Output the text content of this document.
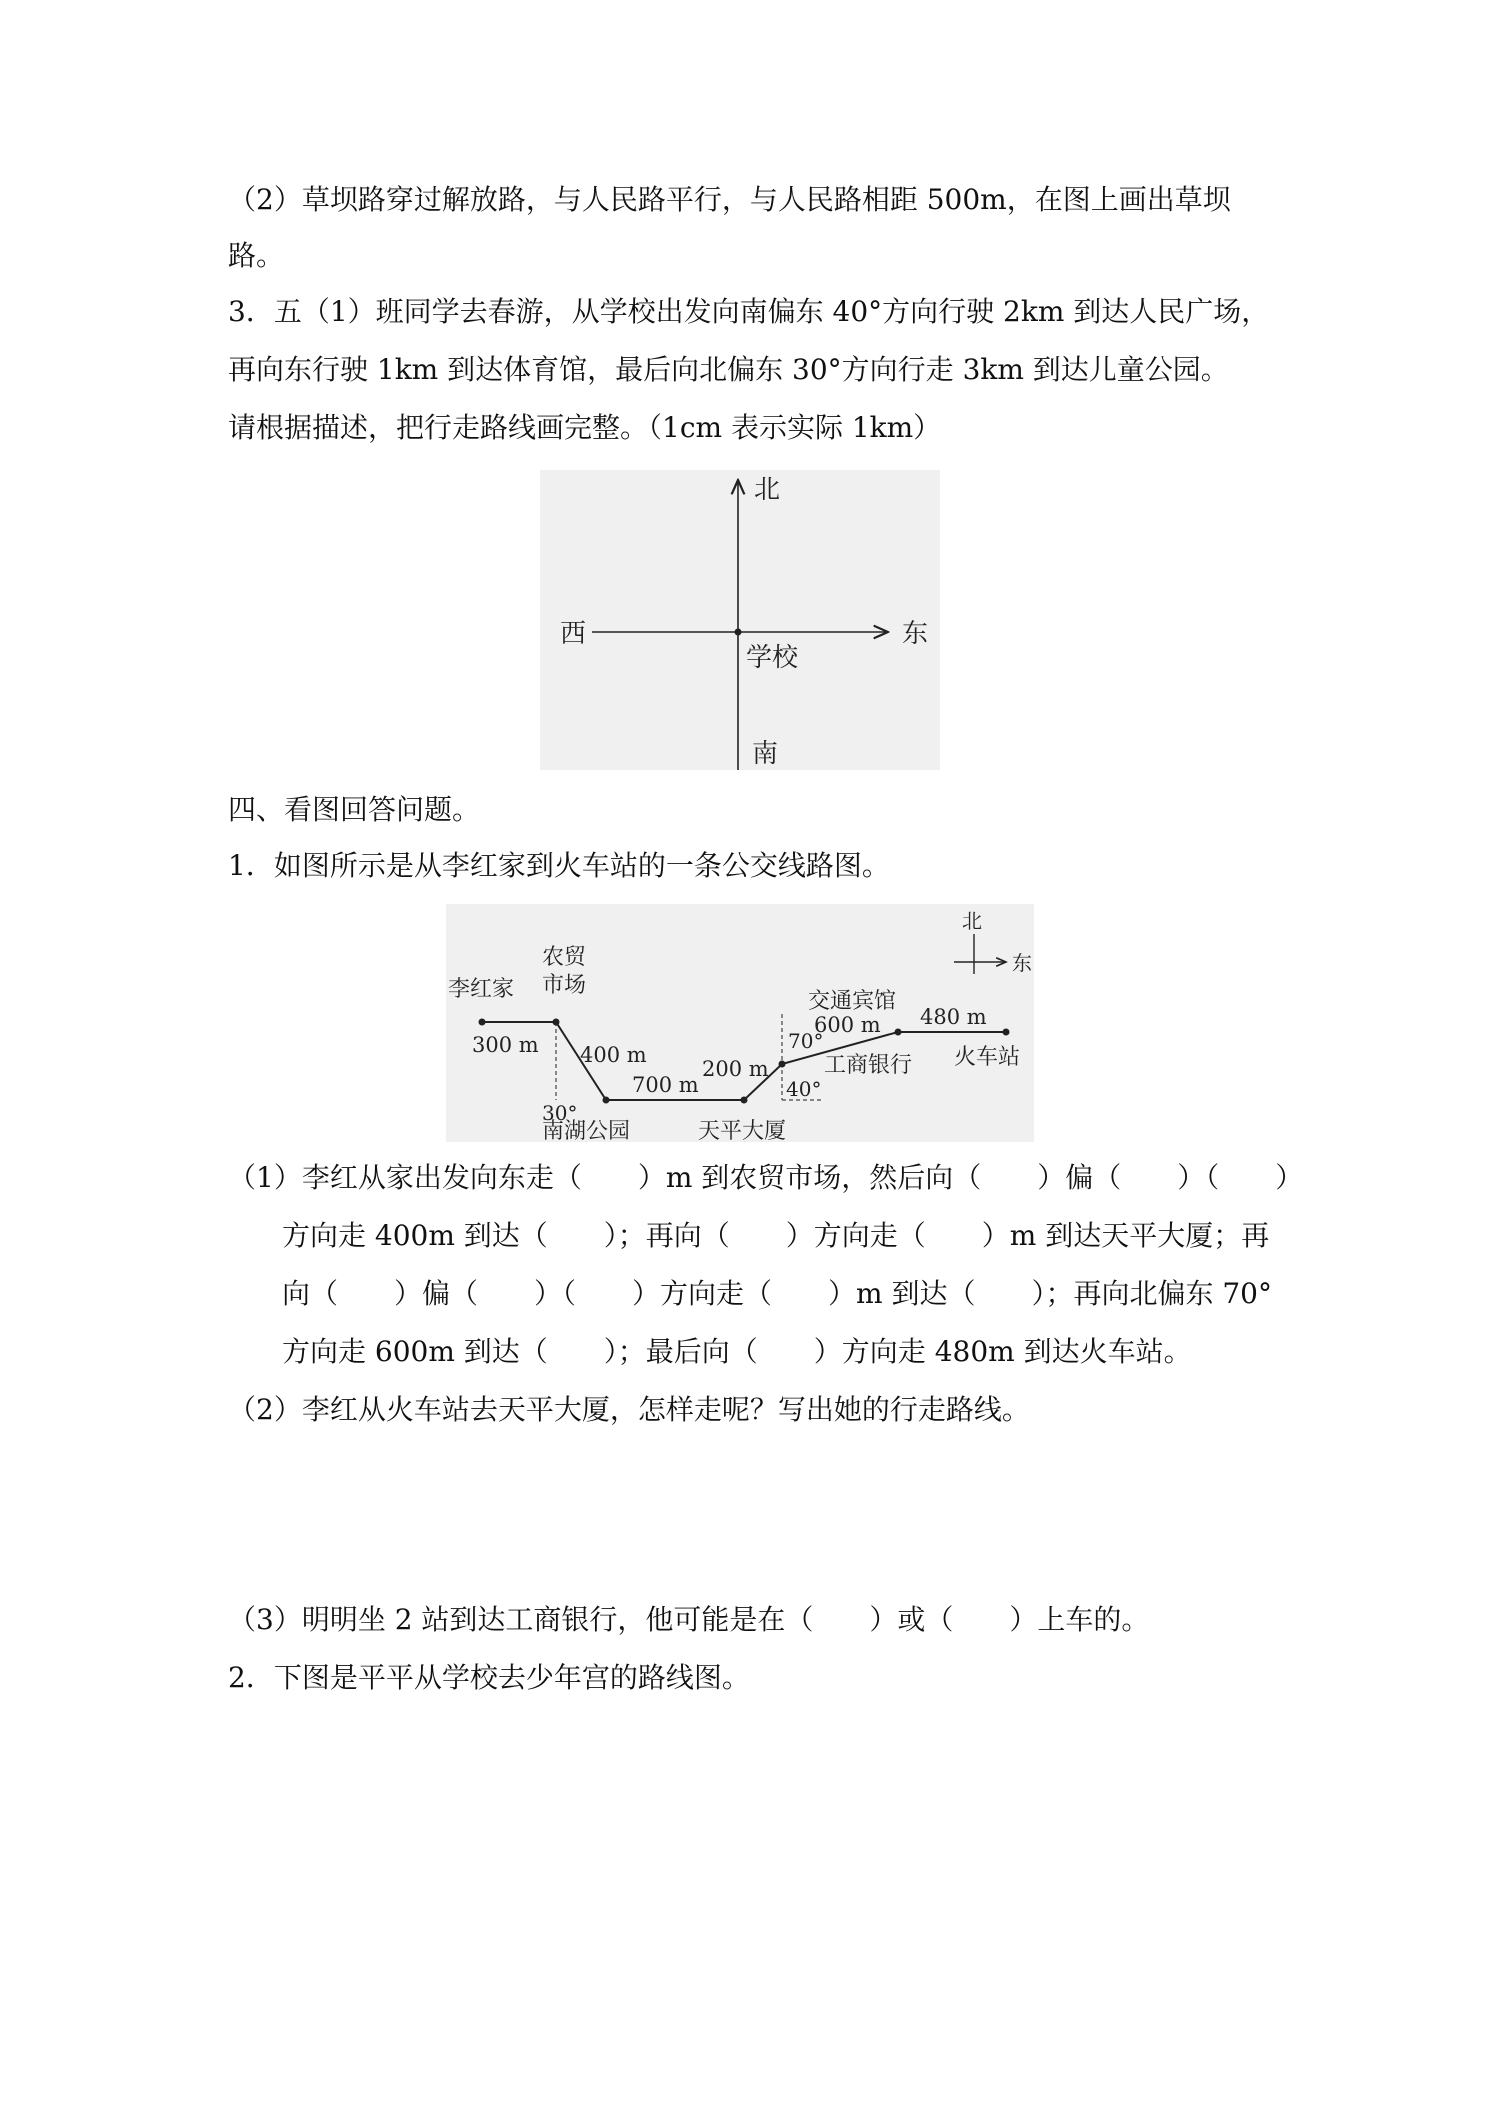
（2）草坝路穿过解放路，与人民路平行，与人民路相距 500m，在图上画出草坝
路。
3．五（1）班同学去春游，从学校出发向南偏东 40°方向行驶 2km 到达人民广场，
再向东行驶 1km 到达体育馆，最后向北偏东 30°方向行走 3km 到达儿童公园。
请根据描述，把行走路线画完整。（1cm 表示实际 1km）
北
南
东
西
学校
四、看图回答问题。
1．如图所示是从李红家到火车站的一条公交线路图。
北
东
李红家
农贸
市场
南湖公园	天平大厦
交通宾馆
工商银行 火车站
300 m 400 m
700 m
200 m
600 m 480 m
30°
70°
40°
（1）李红从家出发向东走（　　）m 到农贸市场，然后向（　　）偏（　　）（　　）
方向走 400m 到达（　　）；再向（　　）方向走（　　）m 到达天平大厦；再
向（　　）偏（　　）（　　）方向走（　　）m 到达（　　）；再向北偏东 70°
方向走 600m 到达（　　）；最后向（　　）方向走 480m 到达火车站。
（2）李红从火车站去天平大厦，怎样走呢？写出她的行走路线。
（3）明明坐 2 站到达工商银行，他可能是在（　　）或（　　）上车的。
2．下图是平平从学校去少年宫的路线图。
